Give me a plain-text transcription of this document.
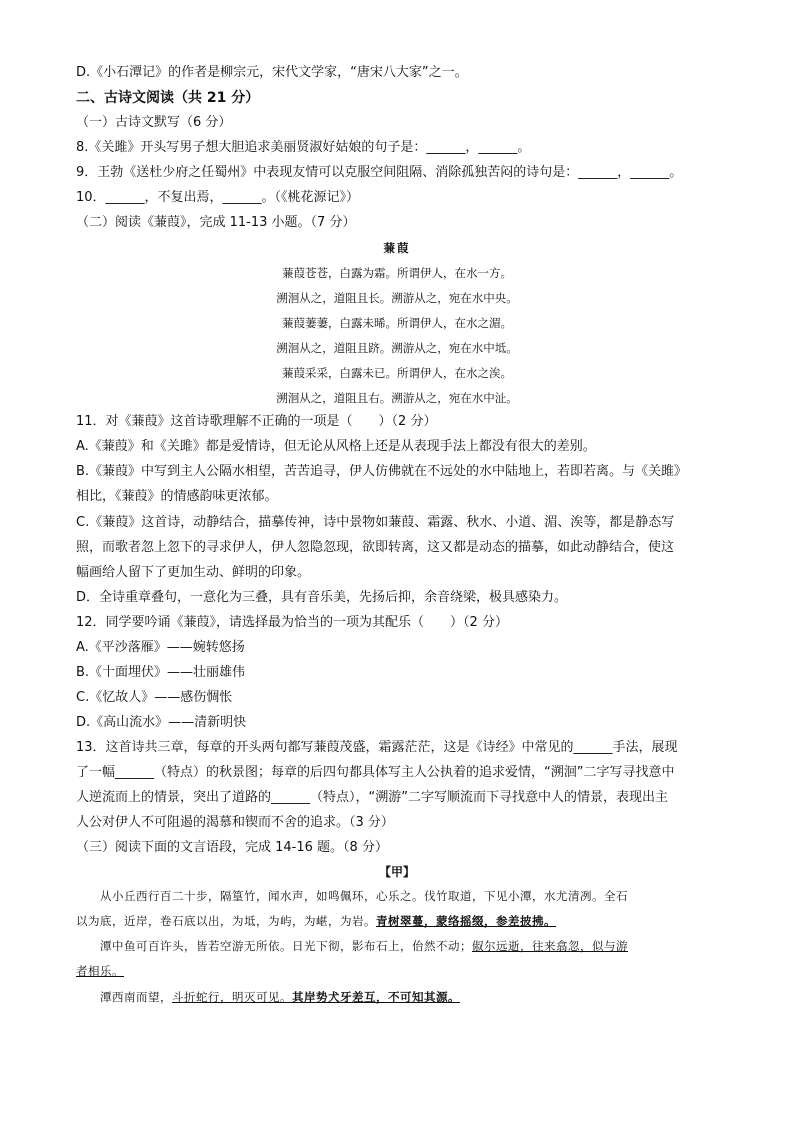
D.《小石潭记》的作者是柳宗元，宋代文学家，“唐宋八大家”之一。
二、古诗文阅读（共 21 分）
（一）古诗文默写（6 分）
8.《关雎》开头写男子想大胆追求美丽贤淑好姑娘的句子是：______，______。
9．王勃《送杜少府之任蜀州》中表现友情可以克服空间阻隔、消除孤独苦闷的诗句是：______，______。
10．______，不复出焉，______。（《桃花源记》）
（二）阅读《蒹葭》，完成 11-13 小题。（7 分）
蒹葭
蒹葭苍苍，白露为霜。所谓伊人，在水一方。
溯洄从之，道阻且长。溯游从之，宛在水中央。
蒹葭萋萋，白露未晞。所谓伊人，在水之湄。
溯洄从之，道阻且跻。溯游从之，宛在水中坻。
蒹葭采采，白露未已。所谓伊人，在水之涘。
溯洄从之，道阻且右。溯游从之，宛在水中沚。
11．对《蒹葭》这首诗歌理解不正确的一项是（　　）（2 分）
A.《蒹葭》和《关雎》都是爱情诗，但无论从风格上还是从表现手法上都没有很大的差别。
B.《蒹葭》中写到主人公隔水相望，苦苦追寻，伊人仿佛就在不远处的水中陆地上，若即若离。与《关雎》
相比，《蒹葭》的情感韵味更浓郁。
C.《蒹葭》这首诗，动静结合，描摹传神，诗中景物如蒹葭、霜露、秋水、小道、湄、涘等，都是静态写
照，而歌者忽上忽下的寻求伊人，伊人忽隐忽现，欲即转离，这又都是动态的描摹，如此动静结合，使这
幅画给人留下了更加生动、鲜明的印象。
D．全诗重章叠句，一意化为三叠，具有音乐美，先扬后抑，余音绕梁，极具感染力。
12．同学要吟诵《蒹葭》，请选择最为恰当的一项为其配乐（　　）（2 分）
A.《平沙落雁》——婉转悠扬
B.《十面埋伏》——壮丽雄伟
C.《忆故人》——感伤惆怅
D.《高山流水》——清新明快
13．这首诗共三章，每章的开头两句都写蒹葭茂盛，霜露茫茫，这是《诗经》中常见的______手法，展现
了一幅______（特点）的秋景图；每章的后四句都具体写主人公执着的追求爱情，“溯洄”二字写寻找意中
人逆流而上的情景，突出了道路的______（特点），“溯游”二字写顺流而下寻找意中人的情景，表现出主
人公对伊人不可阻遏的渴慕和锲而不舍的追求。（3 分）
（三）阅读下面的文言语段，完成 14-16 题。（8 分）
【甲】
从小丘西行百二十步，隔篁竹，闻水声，如鸣佩环，心乐之。伐竹取道，下见小潭，水尤清冽。全石
以为底，近岸，卷石底以出，为坻，为屿，为嵁，为岩。青树翠蔓，蒙络摇缀，参差披拂。
潭中鱼可百许头，皆若空游无所依。日光下彻，影布石上，佁然不动；俶尔远逝，往来翕忽，似与游
者相乐。
潭西南而望，斗折蛇行，明灭可见。其岸势犬牙差互，不可知其源。
